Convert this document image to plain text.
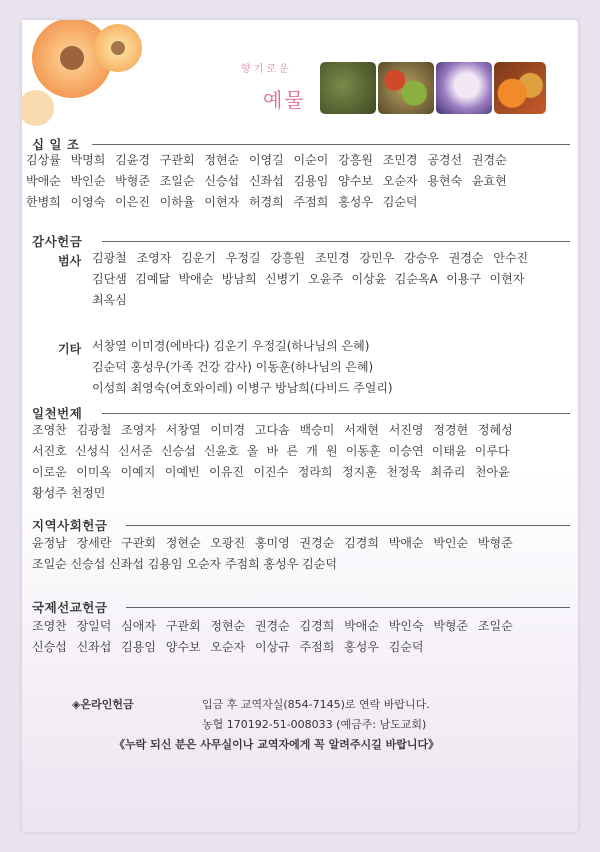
향기로운
예물
십 일 조
김상률 박명희 김윤경 구관회 정현순 이영길 이순이 강흥원 조민경 공경선 권경순
박애순 박인순 박형준 조일순 신승섭 신좌섭 김용임 양수보 오순자 용현숙 윤효현
한병희 이영숙 이은진 이하율 이현자 허경희 주점희 홍성우 김순덕
감사헌금
범사 김광철 조영자 김운기 우정길 강흥원 조민경 강민우 강승우 권경순 안수진
김단샘 김예닮 박애순 방남희 신병기 오윤주 이상윤 김순옥A 이용구 이현자
최옥심
기타 서창열 이미경(에바다) 김운기 우정길(하나님의 은혜)
김순덕 홍성우(가족 건강 감사) 이동훈(하나님의 은혜)
이성희 최영숙(여호와이레) 이병구 방남희(다비드 주얼리)
일천번제
조영찬 김광철 조영자 서창열 이미경 고다솜 백승미 서재현 서진영 정경현 정혜성
서진호 신성식 신서준 신승섭 신윤호 올 바 른 개 원 이동훈 이승연 이태윤 이루다
이로운 이미옥 이예지 이예빈 이유진 이진수 정라희 정지훈 천정욱 최쥬리 천아윤
황성주 천정민
지역사회헌금
윤정남 장세란 구관회 정현순 오광진 홍미영 권경순 김경희 박애순 박인순 박형준
조일순 신승섭 신좌섭 김용임 오순자 주점희 홍성우 김순덕
국제선교헌금
조영찬 장일덕 심애자 구관회 정현순 권경순 김경희 박애순 박인숙 박형준 조일순
신승섭 신좌섭 김용임 양수보 오순자 이상규 주점희 홍성우 김순덕
◈온라인헌금	입금 후 교역자실(854-7145)로 연락 바랍니다.
농협 170192-51-008033 (예금주: 남도교회)
《누락 되신 분은 사무실이나 교역자에게 꼭 알려주시길 바랍니다》
